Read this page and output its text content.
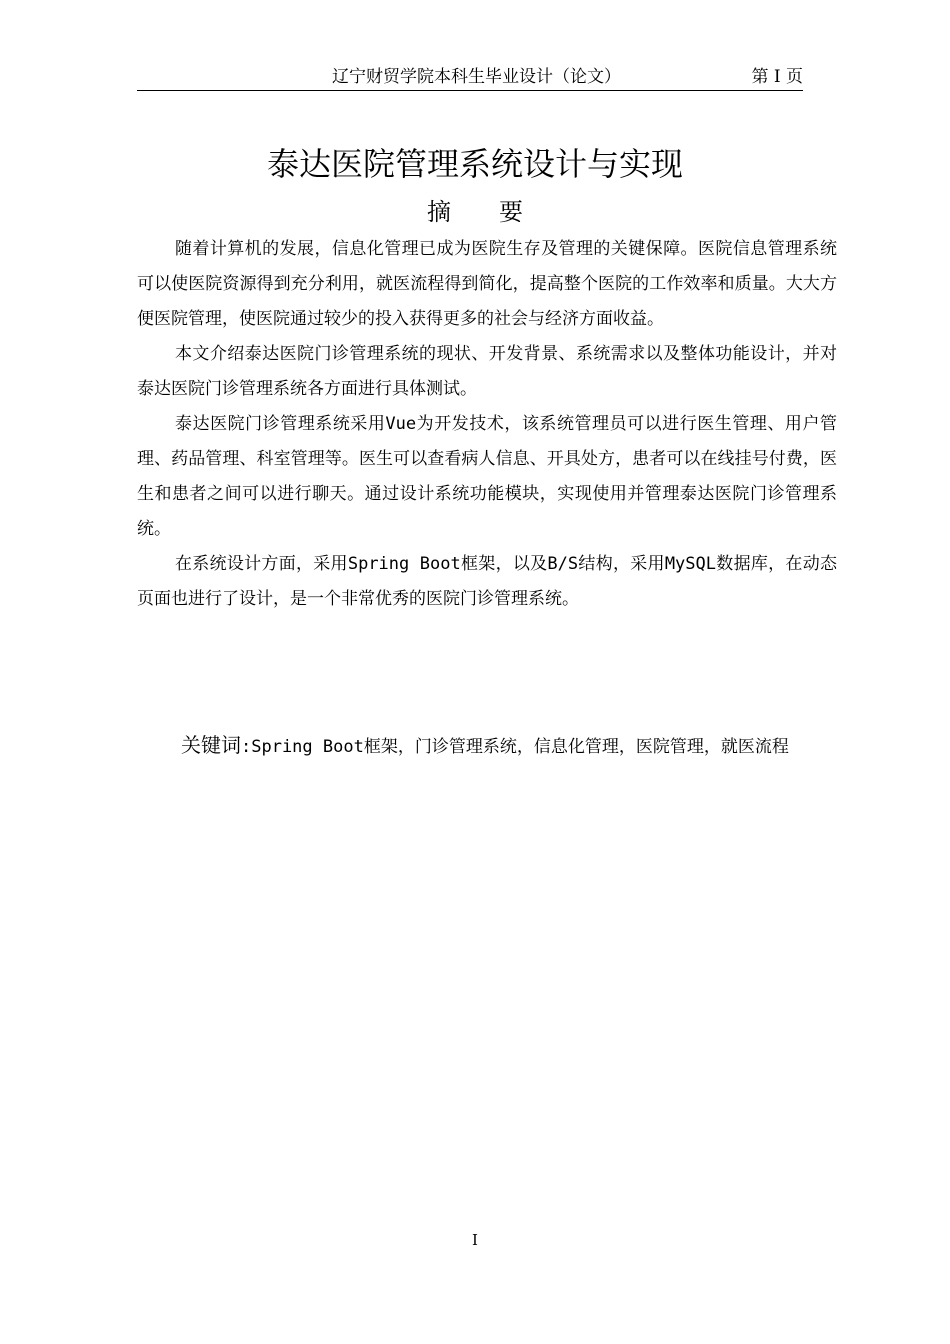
辽宁财贸学院本科生毕业设计（论文）	第 I 页
泰达医院管理系统设计与实现
摘要

随着计算机的发展，信息化管理已成为医院生存及管理的关键保障。医院信息管理系统可以使医院资源得到充分利用，就医流程得到简化，提高整个医院的工作效率和质量。大大方便医院管理，使医院通过较少的投入获得更多的社会与经济方面收益。

本文介绍泰达医院门诊管理系统的现状、开发背景、系统需求以及整体功能设计，并对泰达医院门诊管理系统各方面进行具体测试。

泰达医院门诊管理系统采用Vue为开发技术，该系统管理员可以进行医生管理、用户管理、药品管理、科室管理等。医生可以查看病人信息、开具处方，患者可以在线挂号付费，医生和患者之间可以进行聊天。通过设计系统功能模块，实现使用并管理泰达医院门诊管理系统。

在系统设计方面，采用Spring Boot框架，以及B/S结构，采用MySQL数据库，在动态页面也进行了设计，是一个非常优秀的医院门诊管理系统。

关键词:Spring Boot框架，门诊管理系统，信息化管理，医院管理，就医流程
I
